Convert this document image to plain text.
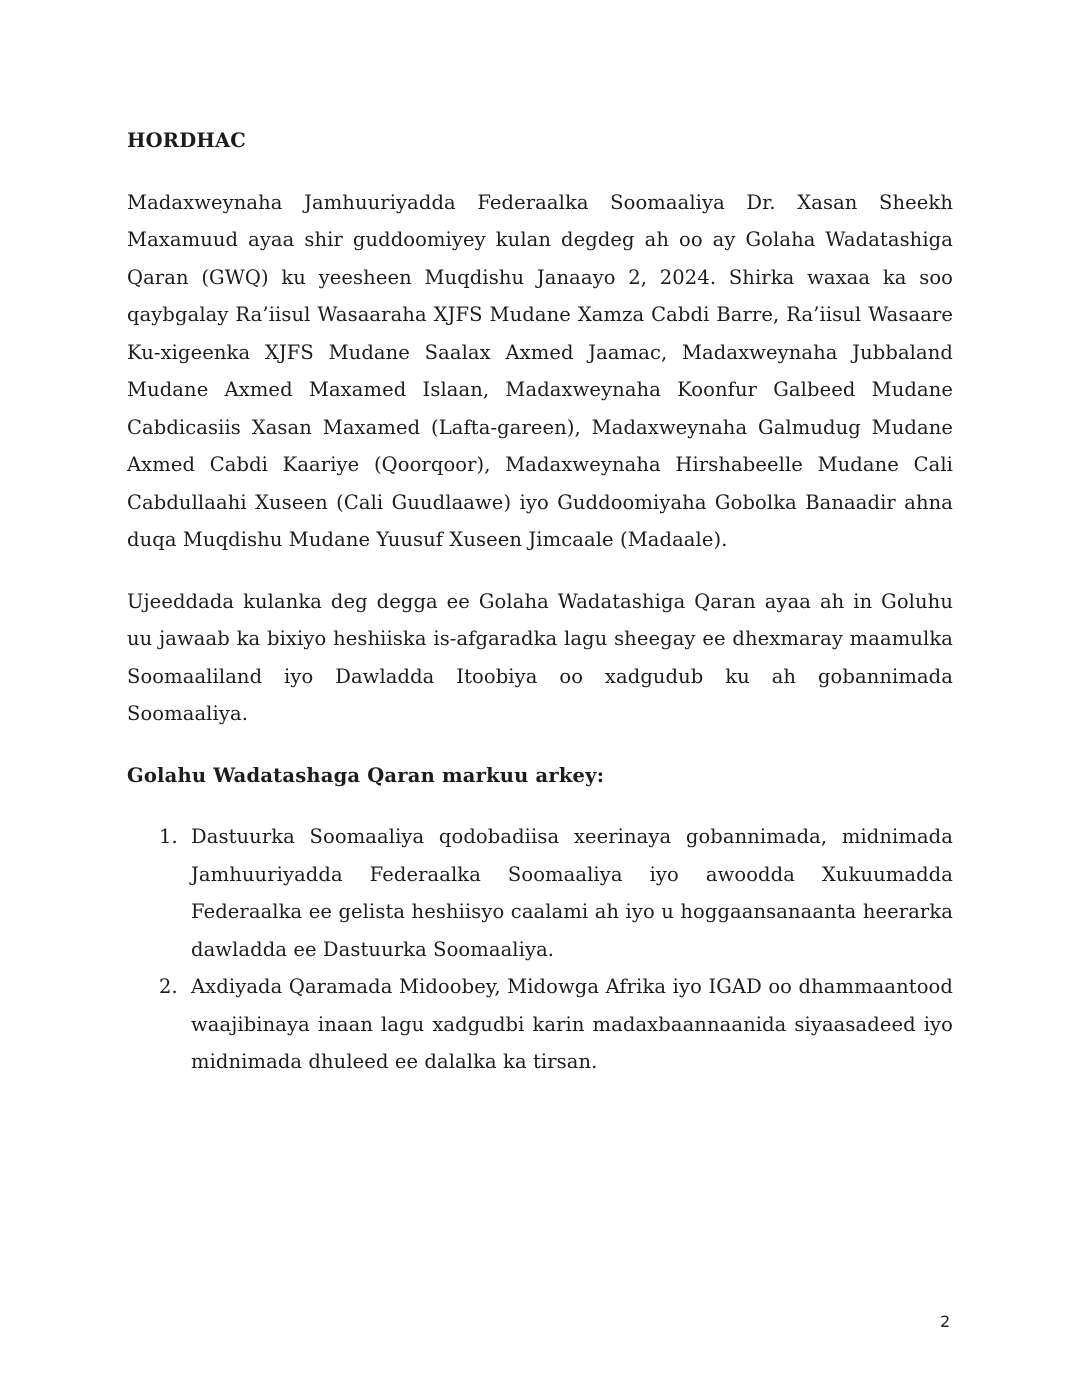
HORDHAC

Madaxweynaha Jamhuuriyadda Federaalka Soomaaliya Dr. Xasan Sheekh Maxamuud ayaa shir guddoomiyey kulan degdeg ah oo ay Golaha Wadatashiga Qaran (GWQ) ku yeesheen Muqdishu Janaayo 2, 2024. Shirka waxaa ka soo qaybgalay Ra’iisul Wasaaraha XJFS Mudane Xamza Cabdi Barre, Ra’iisul Wasaare Ku-xigeenka XJFS Mudane Saalax Axmed Jaamac, Madaxweynaha Jubbaland Mudane Axmed Maxamed Islaan, Madaxweynaha Koonfur Galbeed Mudane Cabdicasiis Xasan Maxamed (Lafta-gareen), Madaxweynaha Galmudug Mudane Axmed Cabdi Kaariye (Qoorqoor), Madaxweynaha Hirshabeelle Mudane Cali Cabdullaahi Xuseen (Cali Guudlaawe) iyo Guddoomiyaha Gobolka Banaadir ahna duqa Muqdishu Mudane Yuusuf Xuseen Jimcaale (Madaale).

Ujeeddada kulanka deg degga ee Golaha Wadatashiga Qaran ayaa ah in Goluhu uu jawaab ka bixiyo heshiiska is-afgaradka lagu sheegay ee dhexmaray maamulka Soomaaliland iyo Dawladda Itoobiya oo xadgudub ku ah gobannimada Soomaaliya.

Golahu Wadatashaga Qaran markuu arkey:
1. Dastuurka Soomaaliya qodobadiisa xeerinaya gobannimada, midnimada Jamhuuriyadda Federaalka Soomaaliya iyo awoodda Xukuumadda Federaalka ee gelista heshiisyo caalami ah iyo u hoggaansanaanta heerarka dawladda ee Dastuurka Soomaaliya.
2. Axdiyada Qaramada Midoobey, Midowga Afrika iyo IGAD oo dhammaantood waajibinaya inaan lagu xadgudbi karin madaxbaannaanida siyaasadeed iyo midnimada dhuleed ee dalalka ka tirsan.
2
